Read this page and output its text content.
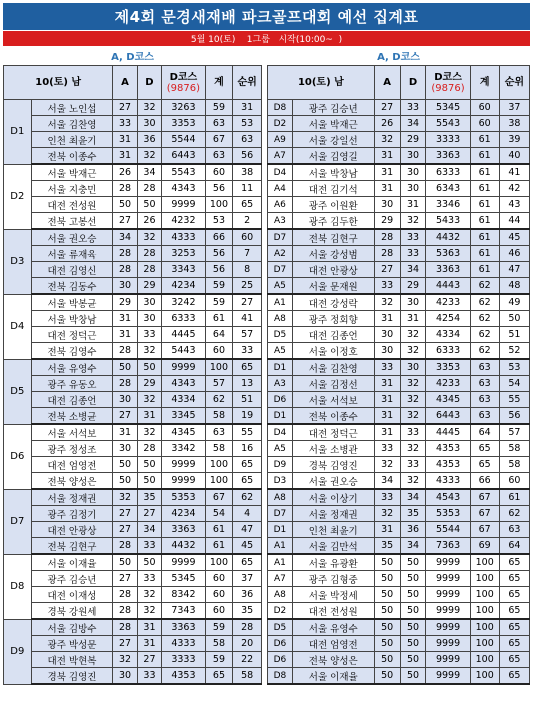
제4회 문경새재배 파크골프대회 예선 집계표
5월 10(토)    1그룹   시작(10:00~  )
A, D코스	A, D코스
10(토) 남		A	D	D코스
(9876)	계	순위
D1	서울 노인섭	27	32	3263	59	31
	서울 김찬영	33	30	3353	63	53
	인천 최윤기	31	36	5544	67	63
	전북 이종수	31	32	6443	63	56
D2	서울 박재근	26	34	5543	60	38
	서울 지충민	28	28	4343	56	11
	대전 전성원	50	50	9999	100	65
	전북 고봉선	27	26	4232	53	2
D3	서울 권오승	34	32	4333	66	60
	서울 류재육	28	28	3253	56	7
	대전 김영신	28	28	3343	56	8
	전북 김동수	30	29	4234	59	25
D4	서울 박봉균	29	30	3242	59	27
	서울 박창남	31	30	6333	61	41
	대전 정덕근	31	33	4445	64	57
	전북 김영수	28	32	5443	60	33
D5	서울 유영수	50	50	9999	100	65
	광주 유동오	28	29	4343	57	13
	대전 김종언	30	32	4334	62	51
	전북 소병균	27	31	3345	58	19
D6	서울 서석보	31	32	4345	63	55
	광주 정성조	30	28	3342	58	16
	대전 엄영전	50	50	9999	100	65
	전북 양성은	50	50	9999	100	65
D7	서울 정재권	32	35	5353	67	62
	광주 김정기	27	27	4234	54	4
	대전 안광상	27	34	3363	61	47
	전북 김현구	28	33	4432	61	45
D8	서울 이재율	50	50	9999	100	65
	광주 김승년	27	33	5345	60	37
	대전 이재성	28	32	8342	60	36
	경북 강원세	28	32	7343	60	35
D9	서울 김방수	28	31	3363	59	28
	광주 박성문	27	31	4333	58	20
	대전 박현복	32	27	3333	59	22
	경북 김영진	30	33	4353	65	58
10(토) 남		A	D	D코스
(9876)	계	순위
D8	광주 김승년	27	33	5345	60	37
D2	서울 박재근	26	34	5543	60	38
A9	서울 강일선	32	29	3333	61	39
A7	서울 김영길	31	30	3363	61	40
D4	서울 박창남	31	30	6333	61	41
A4	대전 김기석	31	30	6343	61	42
A6	광주 이원환	30	31	3346	61	43
A3	광주 김두한	29	32	5433	61	44
D7	전북 김현구	28	33	4432	61	45
A2	서울 강성범	28	33	5363	61	46
D7	대전 안광상	27	34	3363	61	47
A5	서울 문재원	33	29	4443	62	48
A1	대전 강성락	32	30	4233	62	49
A8	광주 정회향	31	31	4254	62	50
D5	대전 김종언	30	32	4334	62	51
A5	서울 이정호	30	32	6333	62	52
D1	서울 김찬영	33	30	3353	63	53
A3	서울 김정선	31	32	4233	63	54
D6	서울 서석보	31	32	4345	63	55
D1	전북 이종수	31	32	6443	63	56
D4	대전 정덕근	31	33	4445	64	57
A5	서울 소병관	33	32	4353	65	58
D9	경북 김영진	32	33	4353	65	58
D3	서울 권오승	34	32	4333	66	60
A8	서울 이상기	33	34	4543	67	61
D7	서울 정재권	32	35	5353	67	62
D1	인천 최윤기	31	36	5544	67	63
A1	서울 김만석	35	34	7363	69	64
A1	서울 유광환	50	50	9999	100	65
A7	광주 김형중	50	50	9999	100	65
A8	서울 박정세	50	50	9999	100	65
D2	대전 전성원	50	50	9999	100	65
D5	서울 유영수	50	50	9999	100	65
D6	대전 엄영전	50	50	9999	100	65
D6	전북 양성은	50	50	9999	100	65
D8	서울 이재율	50	50	9999	100	65
